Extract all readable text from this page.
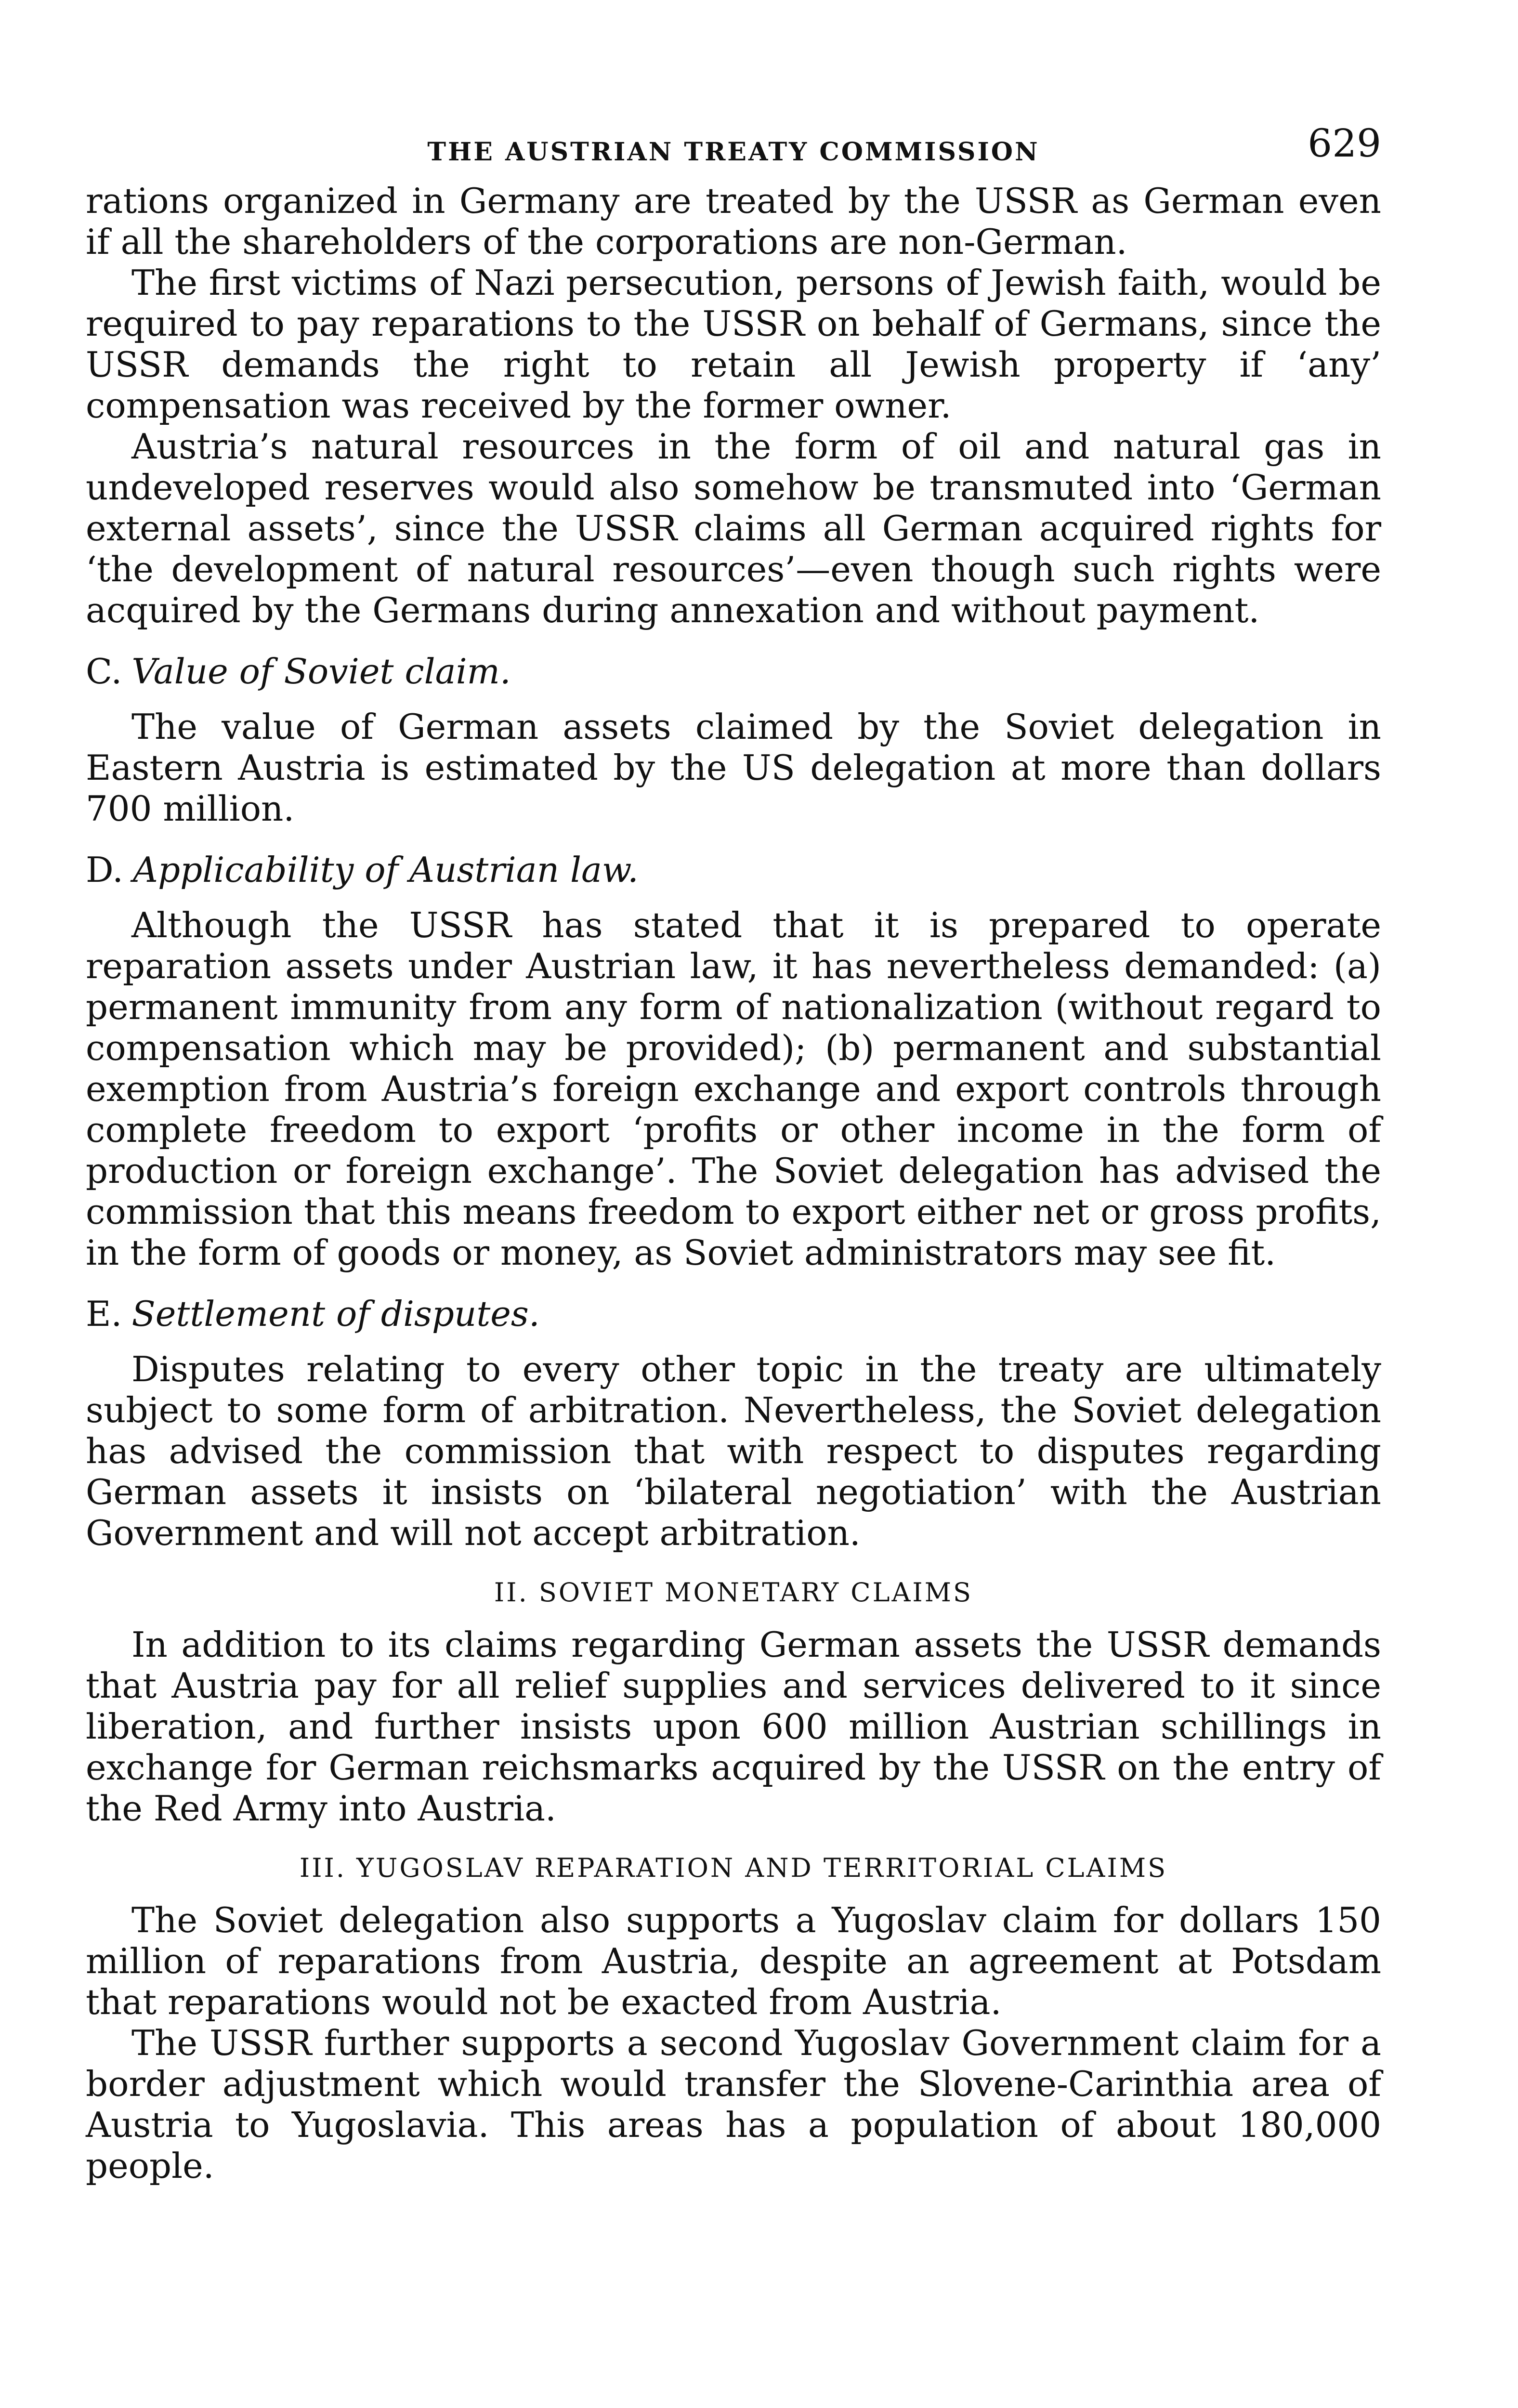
THE AUSTRIAN TREATY COMMISSION	629

rations organized in Germany are treated by the USSR as German even if all the shareholders of the corporations are non-German.

The first victims of Nazi persecution, persons of Jewish faith, would be required to pay reparations to the USSR on behalf of Germans, since the USSR demands the right to retain all Jewish property if ‘any’ compensation was received by the former owner.

Austria’s natural resources in the form of oil and natural gas in undeveloped reserves would also somehow be transmuted into ‘German external assets’, since the USSR claims all German acquired rights for ‘the development of natural resources’—even though such rights were acquired by the Germans during annexation and without payment.

C. Value of Soviet claim.

The value of German assets claimed by the Soviet delegation in Eastern Austria is estimated by the US delegation at more than dollars 700 million.

D. Applicability of Austrian law.

Although the USSR has stated that it is prepared to operate reparation assets under Austrian law, it has nevertheless demanded: (a) permanent immunity from any form of nationalization (without regard to compensation which may be provided); (b) permanent and substantial exemption from Austria’s foreign exchange and export controls through complete freedom to export ‘profits or other income in the form of production or foreign exchange’. The Soviet delegation has advised the commission that this means freedom to export either net or gross profits, in the form of goods or money, as Soviet administrators may see fit.

E. Settlement of disputes.

Disputes relating to every other topic in the treaty are ultimately subject to some form of arbitration. Nevertheless, the Soviet delegation has advised the commission that with respect to disputes regarding German assets it insists on ‘bilateral negotiation’ with the Austrian Government and will not accept arbitration.

II. SOVIET MONETARY CLAIMS

In addition to its claims regarding German assets the USSR demands that Austria pay for all relief supplies and services delivered to it since liberation, and further insists upon 600 million Austrian schillings in exchange for German reichsmarks acquired by the USSR on the entry of the Red Army into Austria.

III. YUGOSLAV REPARATION AND TERRITORIAL CLAIMS

The Soviet delegation also supports a Yugoslav claim for dollars 150 million of reparations from Austria, despite an agreement at Potsdam that reparations would not be exacted from Austria.

The USSR further supports a second Yugoslav Government claim for a border adjustment which would transfer the Slovene-Carinthia area of Austria to Yugoslavia. This areas has a population of about 180,000 people.
